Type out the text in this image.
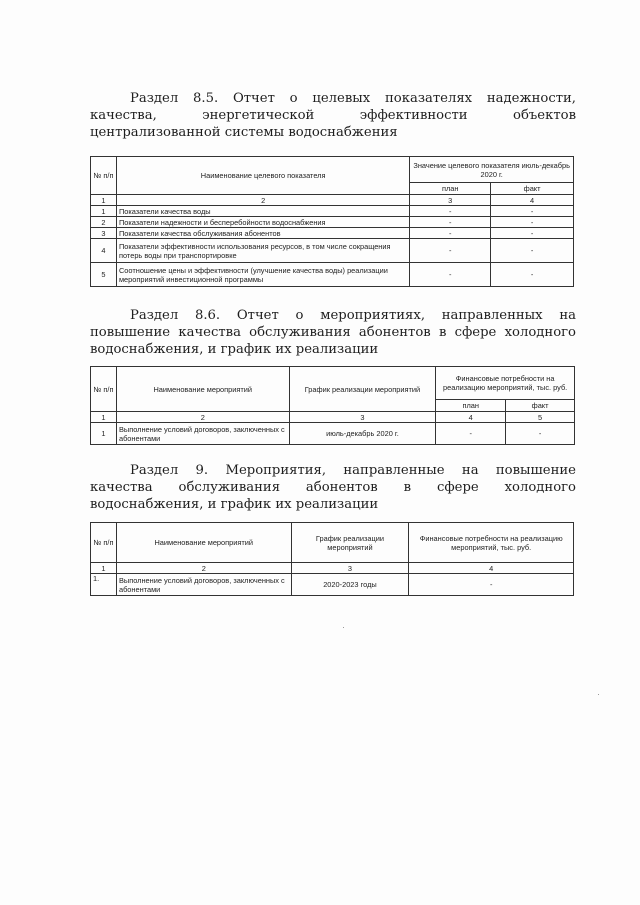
Раздел 8.5. Отчет о целевых показателях надежности, качества, энергетической эффективности объектов централизованной системы водоснабжения
№ п/п	Наименование целевого показателя	Значение целевого показателя июль-декабрь 2020 г.	
		план	факт
1	2	3	4
1	Показатели качества воды	-	-
2	Показатели надежности и бесперебойности водоснабжения	-	-
3	Показатели качества обслуживания абонентов	-	-
4	Показатели эффективности использования ресурсов, в том числе сокращения потерь воды при транспортировке	-	-
5	Соотношение цены и эффективности (улучшение качества воды) реализации мероприятий инвестиционной программы	-	-
Раздел 8.6. Отчет о мероприятиях, направленных на повышение качества обслуживания абонентов в сфере холодного водоснабжения, и график их реализации
№ п/п	Наименование мероприятий	График реализации мероприятий	Финансовые потребности на реализацию мероприятий, тыс. руб.	
			план	факт
1	2	3	4	5
1	Выполнение условий договоров, заключенных с абонентами	июль-декабрь 2020 г.	-	-
Раздел 9. Мероприятия, направленные на повышение качества обслуживания абонентов в сфере холодного водоснабжения, и график их реализации
№ п/п	Наименование мероприятий	График реализации мероприятий	Финансовые потребности на реализацию мероприятий, тыс. руб.
1	2	3	4
1.	Выполнение условий договоров, заключенных с абонентами	2020-2023 годы	-
